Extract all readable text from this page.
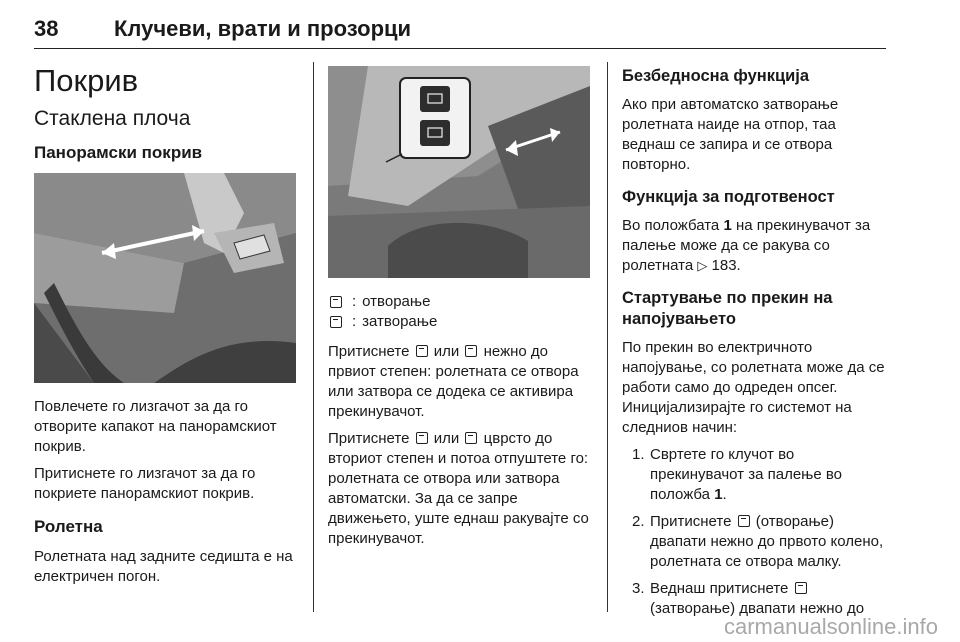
38	Клучеви, врати и прозорци
Покрив
Стаклена плоча
Панорамски покрив

Повлечете го лизгачот за да го отворите капакот на панорамскиот покрив.

Притиснете го лизгачот за да го покриете панорамскиот покрив.

Ролетна

Ролетната над задните седишта е на електричен погон.

: отворање
: затворање

Притиснете или нежно до првиот степен: ролетната се отвора или затвора се додека се активира прекинувачот.

Притиснете или цврсто до вториот степен и потоа отпуштете го: ролетната се отвора или затвора автоматски. За да се запре движењето, уште еднаш ракувајте со прекинувачот.

Безбедносна функција

Ако при автоматско затворање ролетната наиде на отпор, таа веднаш се запира и се отвора повторно.

Функција за подготвеност

Во положбата 1 на прекинувачот за палење може да се ракува со ролетната ▷ 183.

Стартување по прекин на напојувањето

По прекин во електричното напојување, со ролетната може да се работи само до одреден опсег. Иницијализирајте го системот на следниов начин:

1. Свртете го клучот во прекинувачот за палење во положба 1.
2. Притиснете (отворање) двапати нежно до првото колено, ролетната се отвора малку.
3. Веднаш притиснете  (затворање) двапати нежно до
carmanualsonline.info
